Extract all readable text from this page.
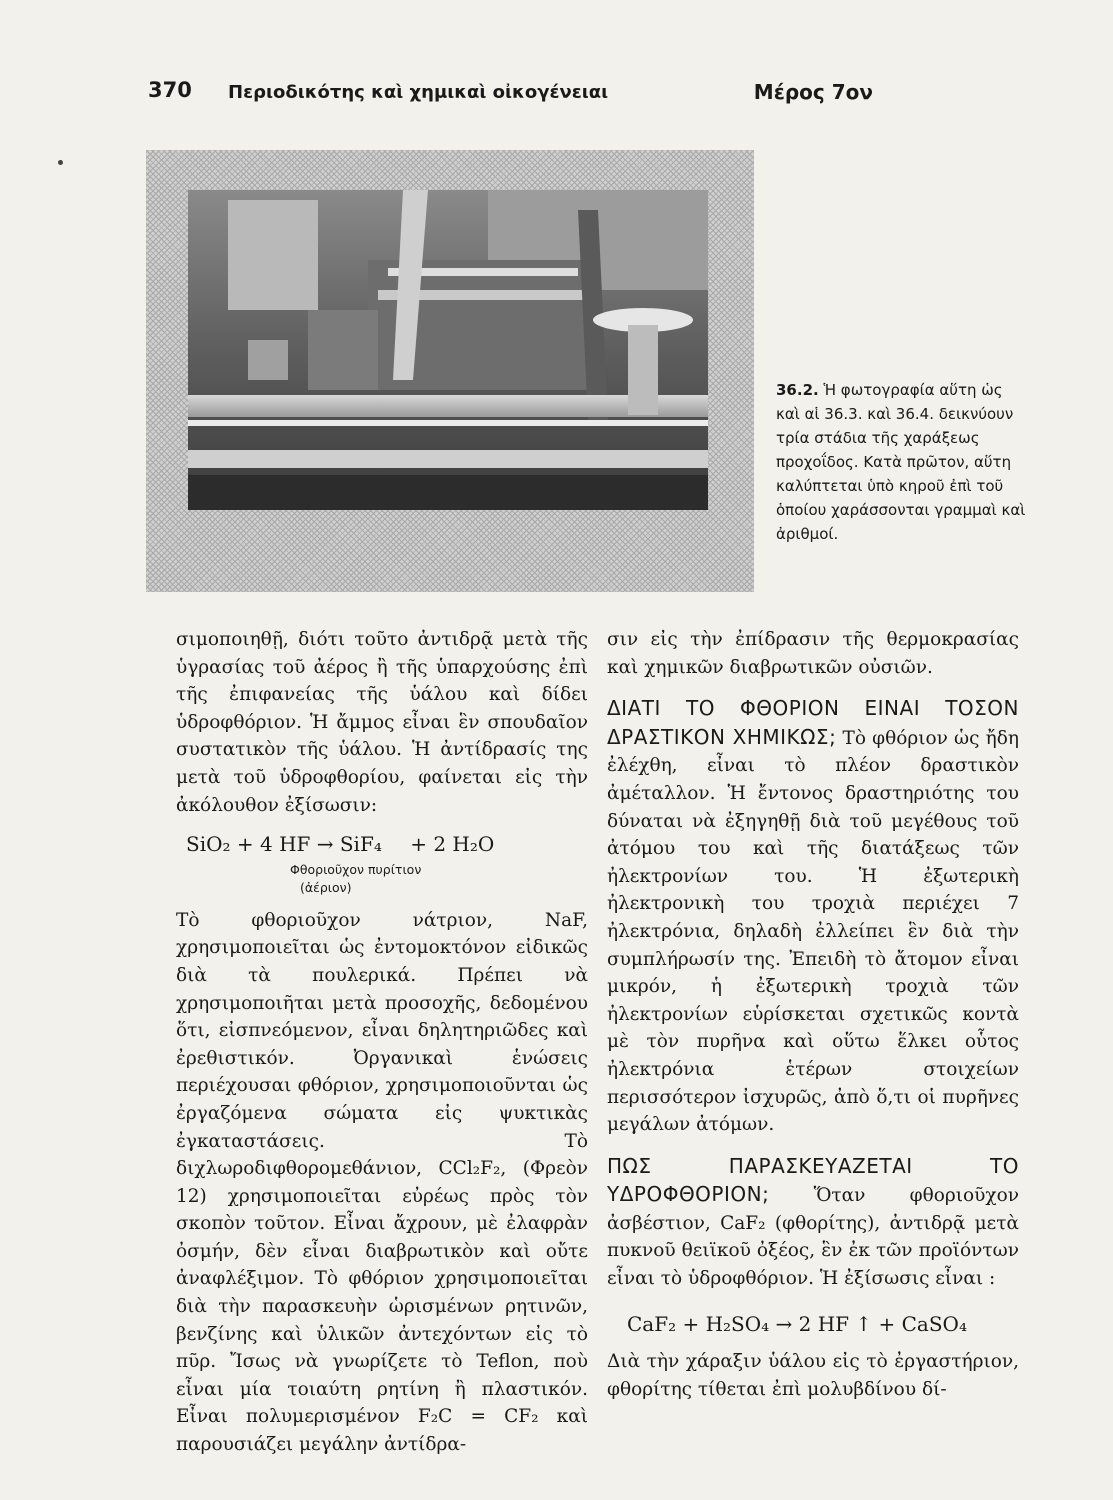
370 Περιοδικότης καὶ χημικαὶ οἰκογένειαι	Μέρος 7ον
36.2. Ἡ φωτογραφία αὕτη ὡς καὶ αἱ 36.3. καὶ 36.4. δεικνύουν τρία στάδια τῆς χαράξεως προχοΐδος. Κατὰ πρῶτον, αὕτη καλύπτεται ὑπὸ κηροῦ ἐπὶ τοῦ ὁποίου χαράσσονται γραμμαὶ καὶ ἀριθμοί.

σιμοποιηθῇ, διότι τοῦτο ἀντιδρᾷ μετὰ τῆς ὑγρασίας τοῦ ἀέρος ἢ τῆς ὑπαρχούσης ἐπὶ τῆς ἐπιφανείας τῆς ὑάλου καὶ δίδει ὑδροφθόριον. Ἡ ἄμμος εἶναι ἓν σπουδαῖον συστατικὸν τῆς ὑάλου. Ἡ ἀντίδρασίς της μετὰ τοῦ ὑδροφθορίου, φαίνεται εἰς τὴν ἀκόλουθον ἐξίσωσιν:

SiO₂ + 4 HF → SiF₄ + 2 H₂O
Φθοριοῦχον πυρίτιον
(ἀέριον)

Τὸ φθοριοῦχον νάτριον, NaF, χρησιμοποιεῖται ὡς ἐντομοκτόνον εἰδικῶς διὰ τὰ πουλερικά. Πρέπει νὰ χρησιμοποιῆται μετὰ προσοχῆς, δεδομένου ὅτι, εἰσπνεόμενον, εἶναι δηλητηριῶδες καὶ ἐρεθιστικόν. Ὀργανικαὶ ἑνώσεις περιέχουσαι φθόριον, χρησιμοποιοῦνται ὡς ἐργαζόμενα σώματα εἰς ψυκτικὰς ἐγκαταστάσεις. Τὸ διχλωροδιφθορομεθάνιον, CCl₂F₂, (Φρεὸν 12) χρησιμοποιεῖται εὐρέως πρὸς τὸν σκοπὸν τοῦτον. Εἶναι ἄχρουν, μὲ ἐλαφρὰν ὀσμήν, δὲν εἶναι διαβρωτικὸν καὶ οὔτε ἀναφλέξιμον. Τὸ φθόριον χρησιμοποιεῖται διὰ τὴν παρασκευὴν ὡρισμένων ρητινῶν, βενζίνης καὶ ὑλικῶν ἀντεχόντων εἰς τὸ πῦρ. Ἴσως νὰ γνωρίζετε τὸ Teflon, ποὺ εἶναι μία τοιαύτη ρητίνη ἢ πλαστικόν. Εἶναι πολυμερισμένον F₂C = CF₂ καὶ παρουσιάζει μεγάλην ἀντίδρα-

σιν εἰς τὴν ἐπίδρασιν τῆς θερμοκρασίας καὶ χημικῶν διαβρωτικῶν οὐσιῶν.

ΔΙΑΤΙ ΤΟ ΦΘΟΡΙΟΝ ΕΙΝΑΙ ΤΟΣΟΝ ΔΡΑΣΤΙΚΟΝ ΧΗΜΙΚΩΣ; Τὸ φθόριον ὡς ἤδη ἐλέχθη, εἶναι τὸ πλέον δραστικὸν ἀμέταλλον. Ἡ ἔντονος δραστηριότης του δύναται νὰ ἐξηγηθῇ διὰ τοῦ μεγέθους τοῦ ἀτόμου του καὶ τῆς διατάξεως τῶν ἠλεκτρονίων του. Ἡ ἐξωτερικὴ ἠλεκτρονικὴ του τροχιὰ περιέχει 7 ἠλεκτρόνια, δηλαδὴ ἐλλείπει ἓν διὰ τὴν συμπλήρωσίν της. Ἐπειδὴ τὸ ἄτομον εἶναι μικρόν, ἡ ἐξωτερικὴ τροχιὰ τῶν ἠλεκτρονίων εὑρίσκεται σχετικῶς κοντὰ μὲ τὸν πυρῆνα καὶ οὕτω ἕλκει οὗτος ἠλεκτρόνια ἑτέρων στοιχείων περισσότερον ἰσχυρῶς, ἀπὸ ὅ,τι οἱ πυρῆνες μεγάλων ἀτόμων.

ΠΩΣ ΠΑΡΑΣΚΕΥΑΖΕΤΑΙ ΤΟ ΥΔΡΟΦΘΟΡΙΟΝ; Ὅταν φθοριοῦχον ἀσβέστιον, CaF₂ (φθορίτης), ἀντιδρᾷ μετὰ πυκνοῦ θειϊκοῦ ὀξέος, ἓν ἐκ τῶν προϊόντων εἶναι τὸ ὑδροφθόριον. Ἡ ἐξίσωσις εἶναι :

CaF₂ + H₂SO₄ → 2 HF ↑ + CaSO₄

Διὰ τὴν χάραξιν ὑάλου εἰς τὸ ἐργαστήριον, φθορίτης τίθεται ἐπὶ μολυβδίνου δί-
